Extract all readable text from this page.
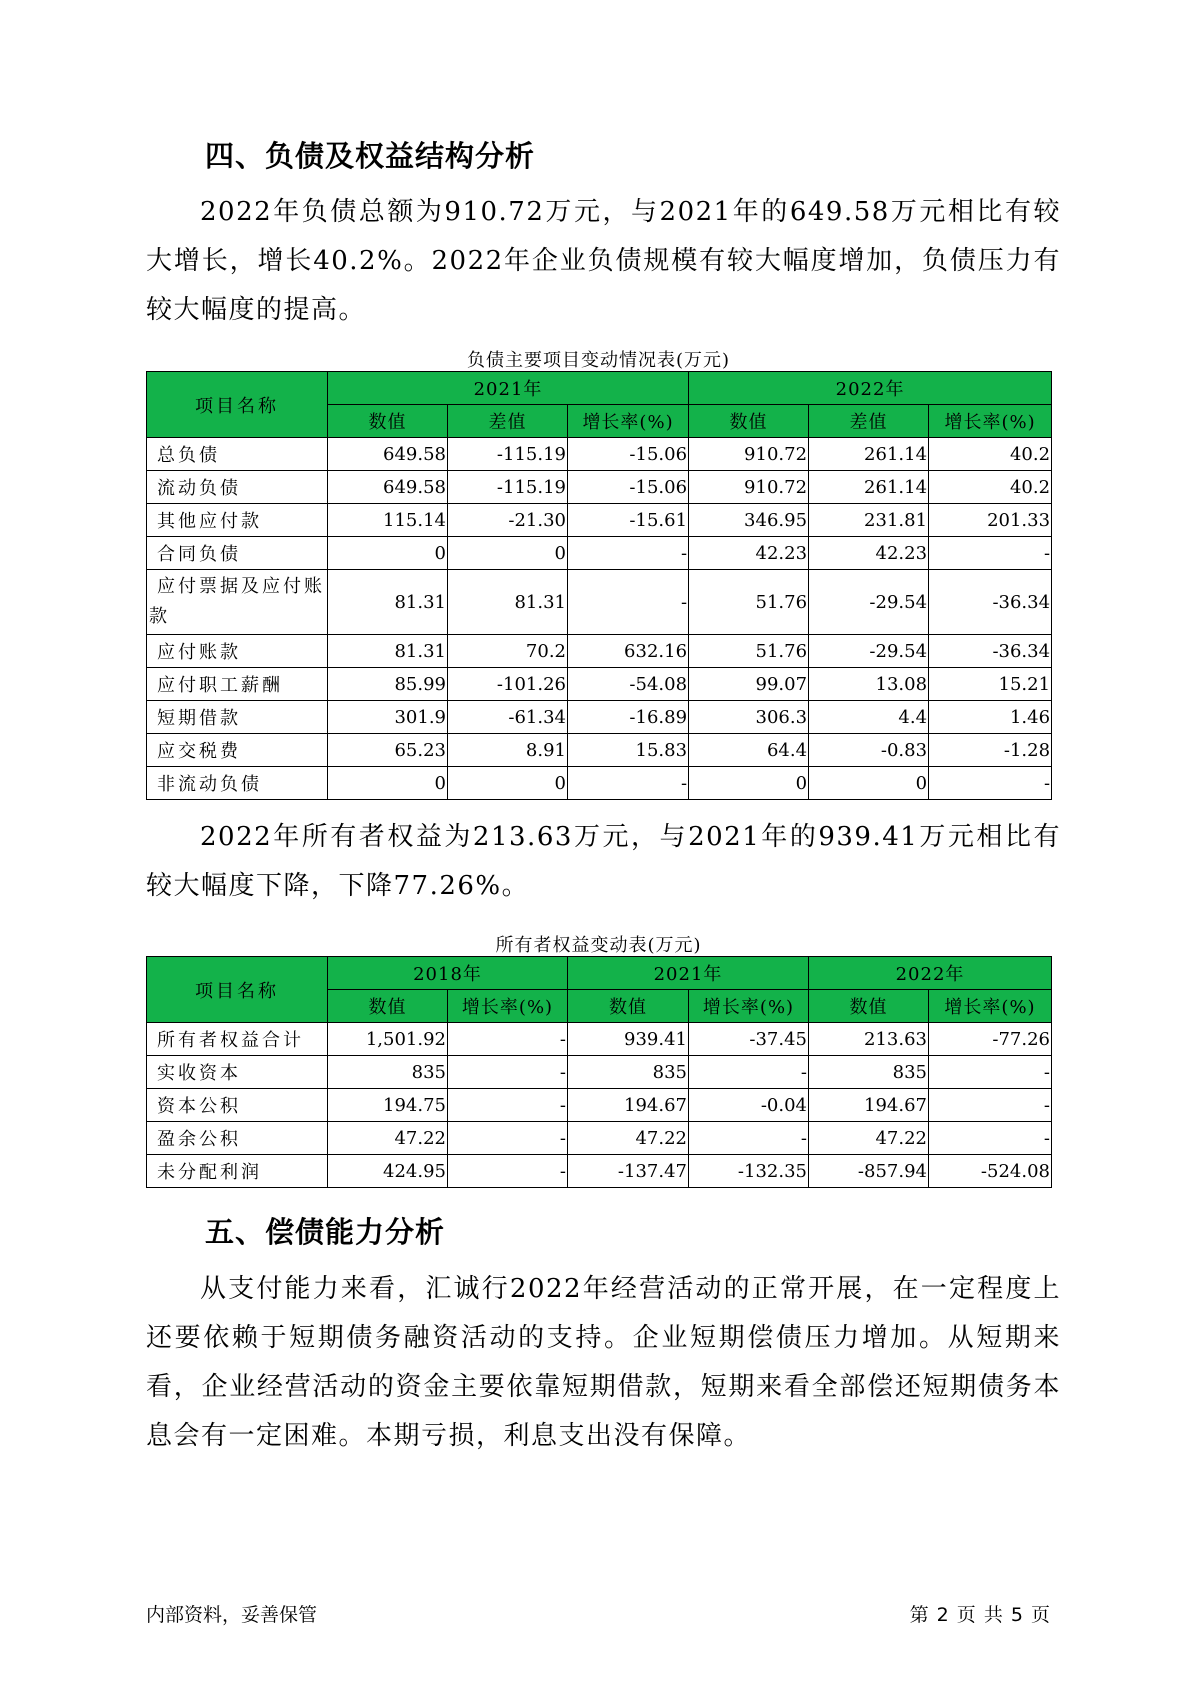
四、负债及权益结构分析

2022年负债总额为910.72万元，与2021年的649.58万元相比有较大增长，增长40.2%。2022年企业负债规模有较大幅度增加，负债压力有较大幅度的提高。

负债主要项目变动情况表(万元)
项目名称	2021年			2022年		
	数值	差值	增长率(%)	数值	差值	增长率(%)
总负债	649.58	-115.19	-15.06	910.72	261.14	40.2
流动负债	649.58	-115.19	-15.06	910.72	261.14	40.2
其他应付款	115.14	-21.30	-15.61	346.95	231.81	201.33
合同负债	0	0	-	42.23	42.23	-
应付票据及应付账款	81.31	81.31	-	51.76	-29.54	-36.34
应付账款	81.31	70.2	632.16	51.76	-29.54	-36.34
应付职工薪酬	85.99	-101.26	-54.08	99.07	13.08	15.21
短期借款	301.9	-61.34	-16.89	306.3	4.4	1.46
应交税费	65.23	8.91	15.83	64.4	-0.83	-1.28
非流动负债	0	0	-	0	0	-

2022年所有者权益为213.63万元，与2021年的939.41万元相比有较大幅度下降，下降77.26%。

所有者权益变动表(万元)
项目名称	2018年		2021年		2022年	
	数值	增长率(%)	数值	增长率(%)	数值	增长率(%)
所有者权益合计	1,501.92	-	939.41	-37.45	213.63	-77.26
实收资本	835	-	835	-	835	-
资本公积	194.75	-	194.67	-0.04	194.67	-
盈余公积	47.22	-	47.22	-	47.22	-
未分配利润	424.95	-	-137.47	-132.35	-857.94	-524.08
五、偿债能力分析

从支付能力来看，汇诚行2022年经营活动的正常开展，在一定程度上还要依赖于短期债务融资活动的支持。企业短期偿债压力增加。从短期来看，企业经营活动的资金主要依靠短期借款，短期来看全部偿还短期债务本息会有一定困难。本期亏损，利息支出没有保障。

内部资料，妥善保管	第 2 页 共 5 页
